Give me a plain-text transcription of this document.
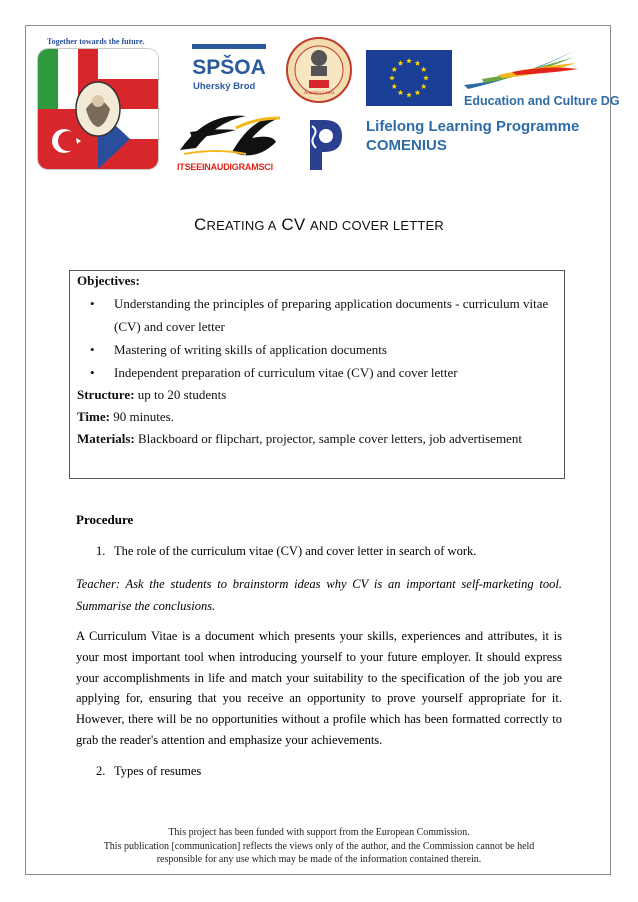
Together towards the future.
SPŠOA
Uherský Brod
Anadolu Lisesi
Education and Culture DG
Lifelong Learning Programme
COMENIUS
ITSEEINAUDIGRAMSCI
CREATING A CV AND COVER LETTER
Objectives:
• Understanding the principles of preparing application documents - curriculum vitae (CV) and cover letter
• Mastering of writing skills of application documents
• Independent preparation of curriculum vitae (CV) and cover letter
Structure: up to 20 students
Time: 90 minutes.
Materials: Blackboard or flipchart, projector, sample cover letters, job advertisement
Procedure
1. The role of the curriculum vitae (CV) and cover letter in search of work.
Teacher: Ask the students to brainstorm ideas why CV is an important self-marketing tool. Summarise the conclusions.
A Curriculum Vitae is a document which presents your skills, experiences and attributes, it is your most important tool when introducing yourself to your future employer. It should express your accomplishments in life and match your suitability to the specification of the job you are applying for, ensuring that you receive an opportunity to prove yourself appropriate for it. However, there will be no opportunities without a profile which has been formatted correctly to grab the reader's attention and emphasize your achievements.
2. Types of resumes
This project has been funded with support from the European Commission.
This publication [communication] reflects the views only of the author, and the Commission cannot be held
responsible for any use which may be made of the information contained therein.
